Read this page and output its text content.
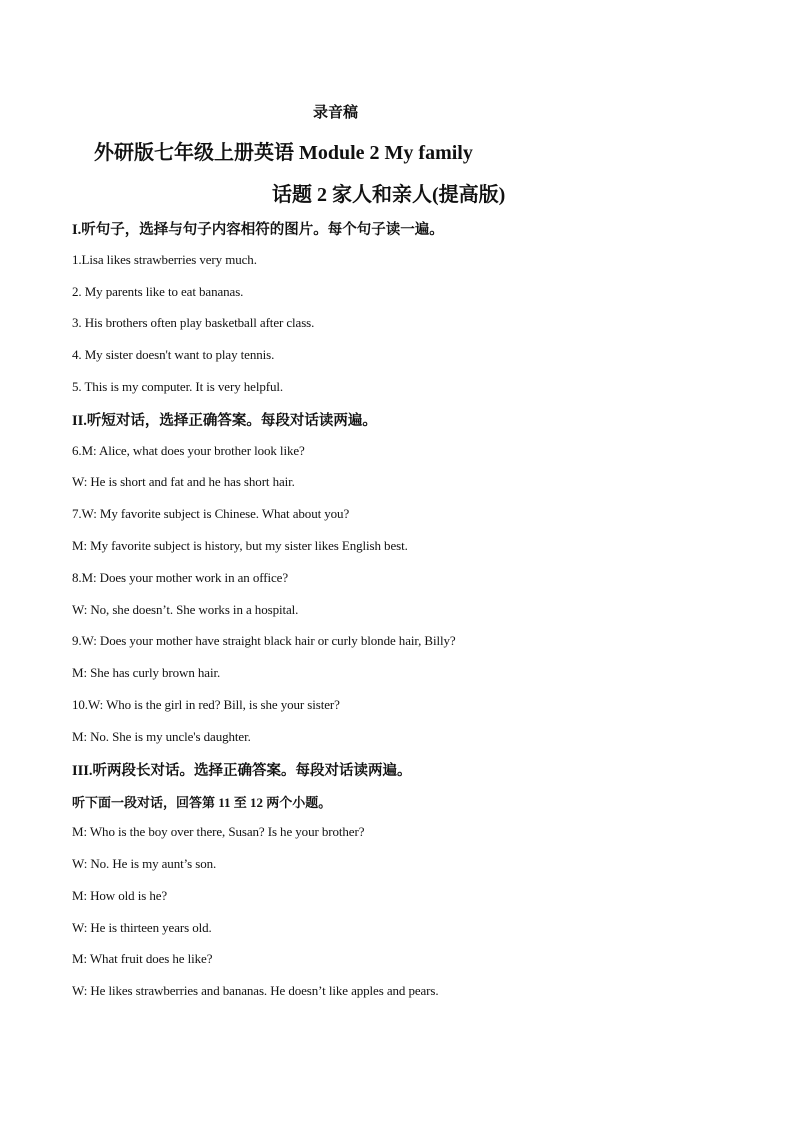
录音稿
外研版七年级上册英语 Module 2 My family
话题 2 家人和亲人(提高版)
I.听句子，选择与句子内容相符的图片。每个句子读一遍。
1.Lisa likes strawberries very much.
2. My parents like to eat bananas.
3. His brothers often play basketball after class.
4. My sister doesn't want to play tennis.
5. This is my computer. It is very helpful.
II.听短对话，选择正确答案。每段对话读两遍。
6.M: Alice, what does your brother look like?
W: He is short and fat and he has short hair.
7.W: My favorite subject is Chinese. What about you?
M: My favorite subject is history, but my sister likes English best.
8.M: Does your mother work in an office?
W: No, she doesn’t. She works in a hospital.
9.W: Does your mother have straight black hair or curly blonde hair, Billy?
M: She has curly brown hair.
10.W: Who is the girl in red? Bill, is she your sister?
M: No. She is my uncle's daughter.
III.听两段长对话。选择正确答案。每段对话读两遍。
听下面一段对话，回答第 11 至 12 两个小题。
M: Who is the boy over there, Susan? Is he your brother?
W: No. He is my aunt’s son.
M: How old is he?
W: He is thirteen years old.
M: What fruit does he like?
W: He likes strawberries and bananas. He doesn’t like apples and pears.
